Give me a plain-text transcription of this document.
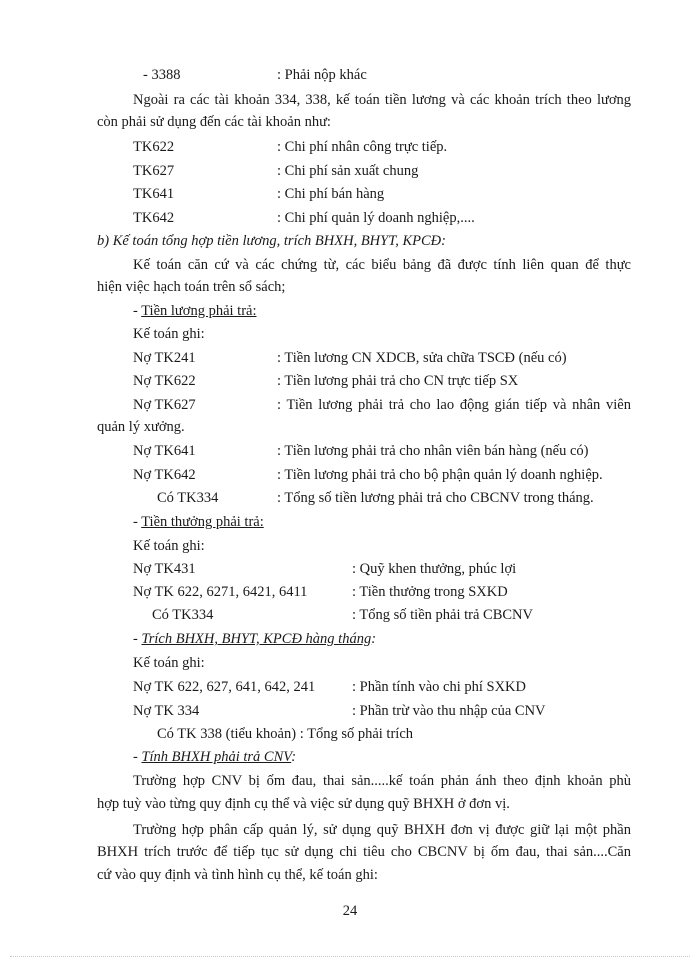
- 3388	: Phải nộp khác
Ngoài ra các tài khoản 334, 338, kế toán tiền lương và các khoản trích theo lương
còn phải sử dụng đến các tài khoản như:
TK622	: Chi phí nhân công trực tiếp.
TK627	: Chi phí sản xuất chung
TK641	: Chi phí bán hàng
TK642	: Chi phí quản lý doanh nghiệp,....
b) Kế toán tổng hợp tiền lương, trích BHXH, BHYT, KPCĐ:
Kế toán căn cứ và các chứng từ, các biểu bảng đã được tính liên quan để thực
hiện việc hạch toán trên sổ sách;
- Tiền lương phải trả:
Kế toán ghi:
Nợ TK241	: Tiền lương CN XDCB, sửa chữa TSCĐ (nếu có)
Nợ TK622	: Tiền lương phải trả cho CN trực tiếp SX
Nợ TK627	: Tiền lương phải trả cho lao động gián tiếp và nhân viên
quản lý xưởng.
Nợ TK641	: Tiền lương phải trả cho nhân viên bán hàng (nếu có)
Nợ TK642	: Tiền lương phải trả cho bộ phận quản lý doanh nghiệp.
Có TK334	: Tổng số tiền lương phải trả cho CBCNV trong tháng.
- Tiền thưởng phải trả:
Kế toán ghi:
Nợ TK431	: Quỹ khen thưởng, phúc lợi
Nợ TK 622, 6271, 6421, 6411	: Tiền thưởng trong SXKD
Có TK334	: Tổng số tiền phải trả CBCNV
- Trích BHXH, BHYT, KPCĐ hàng tháng:
Kế toán ghi:
Nợ TK 622, 627, 641, 642, 241	: Phần tính vào chi phí SXKD
Nợ TK 334	: Phần trừ vào thu nhập của CNV
Có TK 338 (tiểu khoản) : Tổng số phải trích
- Tính BHXH phải trả CNV:
Trường hợp CNV bị ốm đau, thai sản.....kế toán phản ánh theo định khoản phù
hợp tuỳ vào từng quy định cụ thể và việc sử dụng quỹ BHXH ở đơn vị.
Trường hợp phân cấp quản lý, sử dụng quỹ BHXH đơn vị được giữ lại một phần
BHXH trích trước để tiếp tục sử dụng chi tiêu cho CBCNV bị ốm đau, thai sản....Căn
cứ vào quy định và tình hình cụ thể, kế toán ghi:
24
